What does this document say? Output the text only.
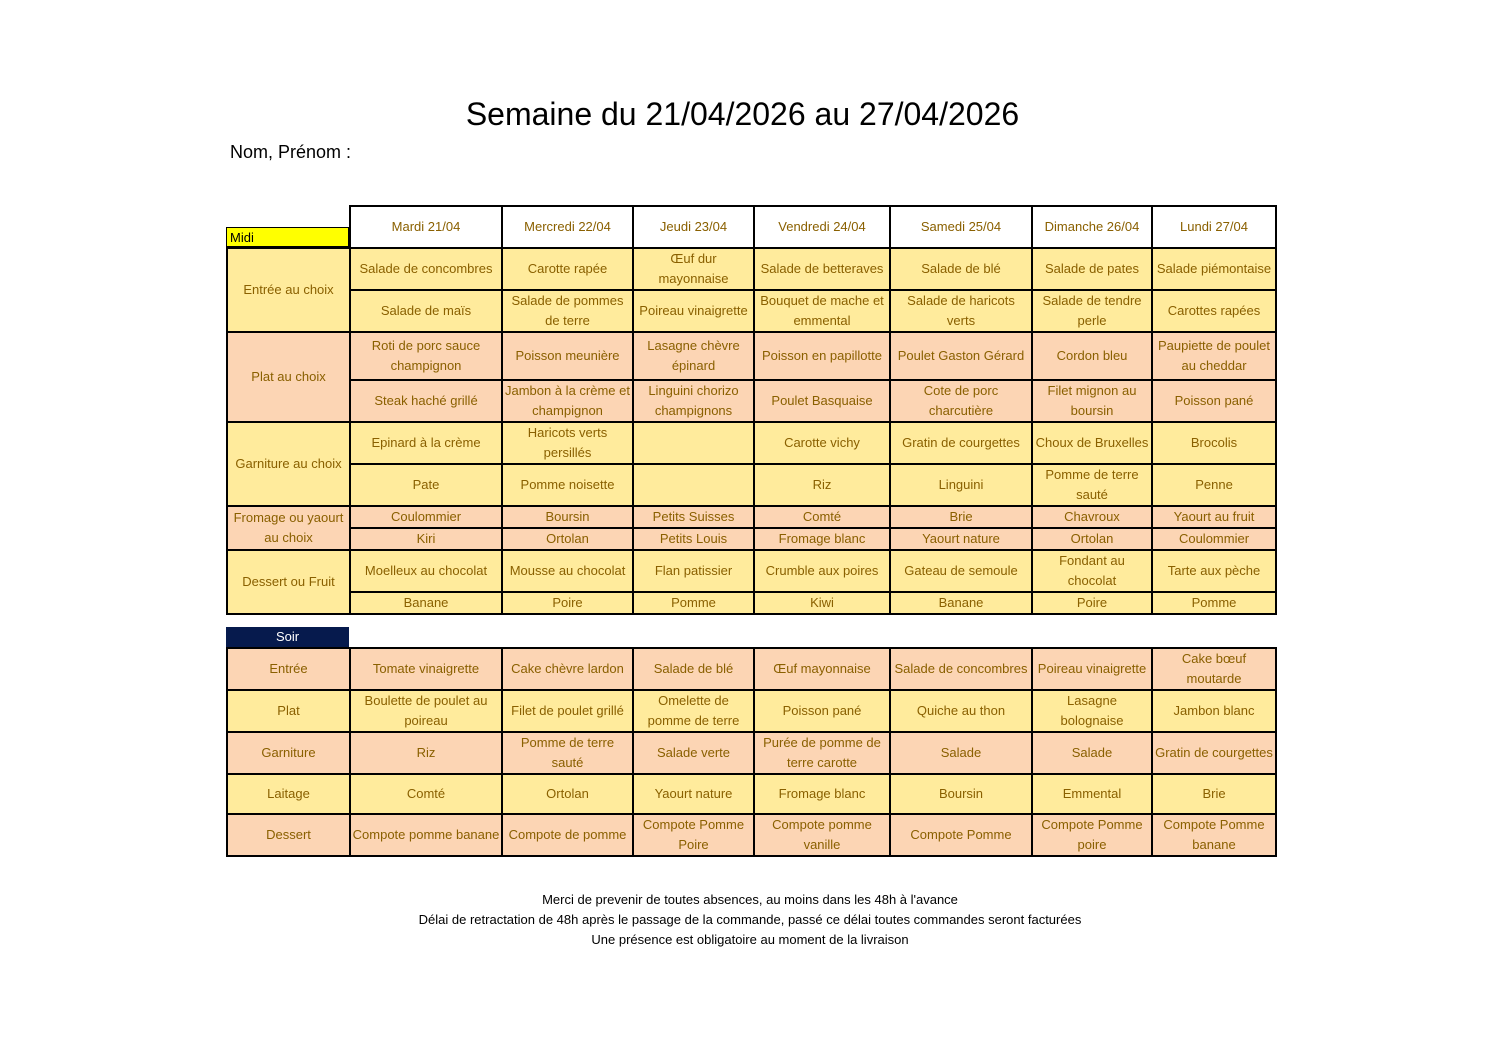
Semaine du 21/04/2026 au 27/04/2026
Nom, Prénom :
Midi
	Mardi 21/04	Mercredi 22/04	Jeudi 23/04	Vendredi 24/04	Samedi 25/04	Dimanche 26/04	Lundi 27/04
Entrée au choix	Salade de concombres	Carotte rapée	Œuf dur mayonnaise	Salade de betteraves	Salade de blé	Salade de pates	Salade piémontaise
	Salade de maïs	Salade de pommes de terre	Poireau vinaigrette	Bouquet de mache et emmental	Salade de haricots verts	Salade de tendre perle	Carottes rapées
Plat au choix	Roti de porc sauce champignon	Poisson meunière	Lasagne chèvre épinard	Poisson en papillotte	Poulet Gaston Gérard	Cordon bleu	Paupiette de poulet au cheddar
	Steak haché grillé	Jambon à la crème et champignon	Linguini chorizo champignons	Poulet Basquaise	Cote de porc charcutière	Filet mignon au boursin	Poisson pané
Garniture au choix	Epinard à la crème	Haricots verts persillés		Carotte vichy	Gratin de courgettes	Choux de Bruxelles	Brocolis
	Pate	Pomme noisette		Riz	Linguini	Pomme de terre sauté	Penne
Fromage ou yaourt au choix	Coulommier	Boursin	Petits Suisses	Comté	Brie	Chavroux	Yaourt au fruit
	Kiri	Ortolan	Petits Louis	Fromage blanc	Yaourt nature	Ortolan	Coulommier
Dessert ou Fruit	Moelleux au chocolat	Mousse au chocolat	Flan patissier	Crumble aux poires	Gateau de semoule	Fondant au chocolat	Tarte aux pèche
	Banane	Poire	Pomme	Kiwi	Banane	Poire	Pomme
Soir
Entrée	Tomate vinaigrette	Cake chèvre lardon	Salade de blé	Œuf mayonnaise	Salade de concombres	Poireau vinaigrette	Cake bœuf moutarde
Plat	Boulette de poulet au poireau	Filet de poulet grillé	Omelette de pomme de terre	Poisson pané	Quiche au thon	Lasagne bolognaise	Jambon blanc
Garniture	Riz	Pomme de terre sauté	Salade verte	Purée de pomme de terre carotte	Salade	Salade	Gratin de courgettes
Laitage	Comté	Ortolan	Yaourt nature	Fromage blanc	Boursin	Emmental	Brie
Dessert	Compote pomme banane	Compote de pomme	Compote Pomme Poire	Compote pomme vanille	Compote Pomme	Compote Pomme poire	Compote Pomme banane
Merci de prevenir de toutes absences, au moins dans les 48h à l'avance
Délai de retractation de 48h après le passage de la commande, passé ce délai toutes commandes seront facturées
Une présence est obligatoire au moment de la livraison
